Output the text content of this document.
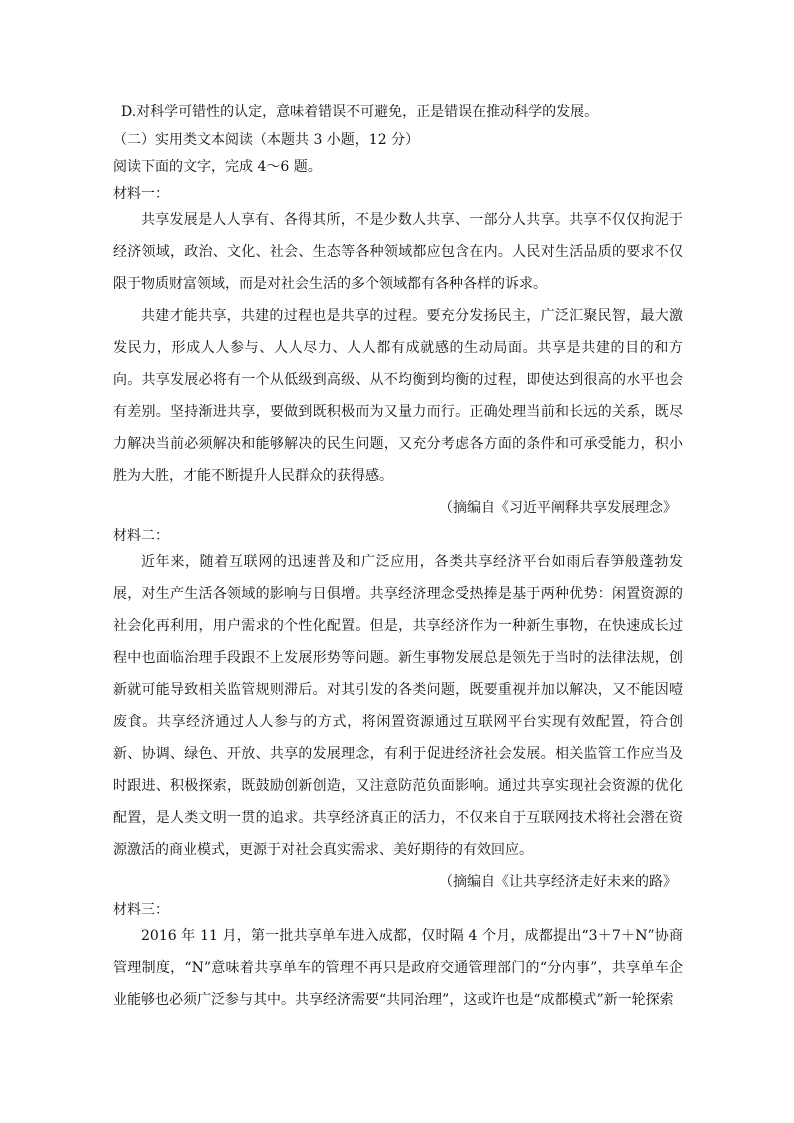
D.对科学可错性的认定，意味着错误不可避免，正是错误在推动科学的发展。

（二）实用类文本阅读（本题共 3 小题，12 分）

阅读下面的文字，完成 4～6 题。

材料一：

共享发展是人人享有、各得其所，不是少数人共享、一部分人共享。共享不仅仅拘泥于经济领域，政治、文化、社会、生态等各种领域都应包含在内。人民对生活品质的要求不仅限于物质财富领域，而是对社会生活的多个领域都有各种各样的诉求。

共建才能共享，共建的过程也是共享的过程。要充分发扬民主，广泛汇聚民智，最大激发民力，形成人人参与、人人尽力、人人都有成就感的生动局面。共享是共建的目的和方向。共享发展必将有一个从低级到高级、从不均衡到均衡的过程，即使达到很高的水平也会有差别。坚持渐进共享，要做到既积极而为又量力而行。正确处理当前和长远的关系，既尽力解决当前必须解决和能够解决的民生问题，又充分考虑各方面的条件和可承受能力，积小胜为大胜，才能不断提升人民群众的获得感。

（摘编自《习近平阐释共享发展理念》

材料二：

近年来，随着互联网的迅速普及和广泛应用，各类共享经济平台如雨后春笋般蓬勃发展，对生产生活各领域的影响与日俱增。共享经济理念受热捧是基于两种优势：闲置资源的社会化再利用，用户需求的个性化配置。但是，共享经济作为一种新生事物，在快速成长过程中也面临治理手段跟不上发展形势等问题。新生事物发展总是领先于当时的法律法规，创新就可能导致相关监管规则滞后。对其引发的各类问题，既要重视并加以解决，又不能因噎废食。共享经济通过人人参与的方式，将闲置资源通过互联网平台实现有效配置，符合创新、协调、绿色、开放、共享的发展理念，有利于促进经济社会发展。相关监管工作应当及时跟进、积极探索，既鼓励创新创造，又注意防范负面影响。通过共享实现社会资源的优化配置，是人类文明一贯的追求。共享经济真正的活力，不仅来自于互联网技术将社会潜在资源激活的商业模式，更源于对社会真实需求、美好期待的有效回应。

（摘编自《让共享经济走好未来的路》

材料三：

2016 年 11 月，第一批共享单车进入成都，仅时隔 4 个月，成都提出“3＋7＋N”协商管理制度，“N”意味着共享单车的管理不再只是政府交通管理部门的“分内事”，共享单车企业能够也必须广泛参与其中。共享经济需要“共同治理”，这或许也是“成都模式”新一轮探索
